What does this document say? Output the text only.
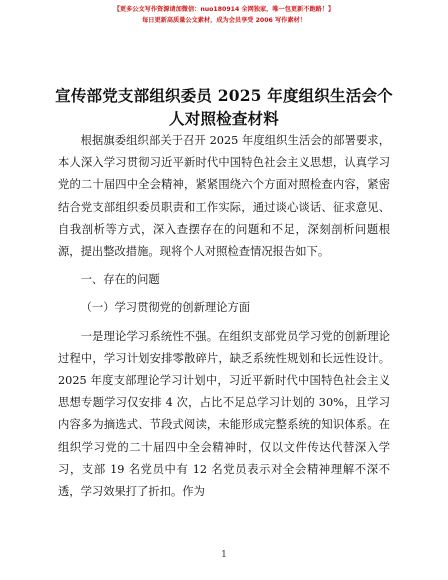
【更多公文写作资源请加微信：nuo180914 全网独家，唯一包更新不跑路！】
每日更新高质量公文素材，成为会员享受 2006 写作素材！
宣传部党支部组织委员 2025 年度组织生活会个
人对照检查材料

根据旗委组织部关于召开 2025 年度组织生活会的部署要求，本人深入学习贯彻习近平新时代中国特色社会主义思想，认真学习党的二十届四中全会精神，紧紧围绕六个方面对照检查内容，紧密结合党支部组织委员职责和工作实际，通过谈心谈话、征求意见、自我剖析等方式，深入查摆存在的问题和不足，深刻剖析问题根源，提出整改措施。现将个人对照检查情况报告如下。

一、存在的问题

（一）学习贯彻党的创新理论方面

一是理论学习系统性不强。在组织支部党员学习党的创新理论过程中，学习计划安排零散碎片，缺乏系统性规划和长远性设计。2025 年度支部理论学习计划中，习近平新时代中国特色社会主义思想专题学习仅安排 4 次，占比不足总学习计划的 30%，且学习内容多为摘选式、节段式阅读，未能形成完整系统的知识体系。在组织学习党的二十届四中全会精神时，仅以文件传达代替深入学习，支部 19 名党员中有 12 名党员表示对全会精神理解不深不透，学习效果打了折扣。作为

1
